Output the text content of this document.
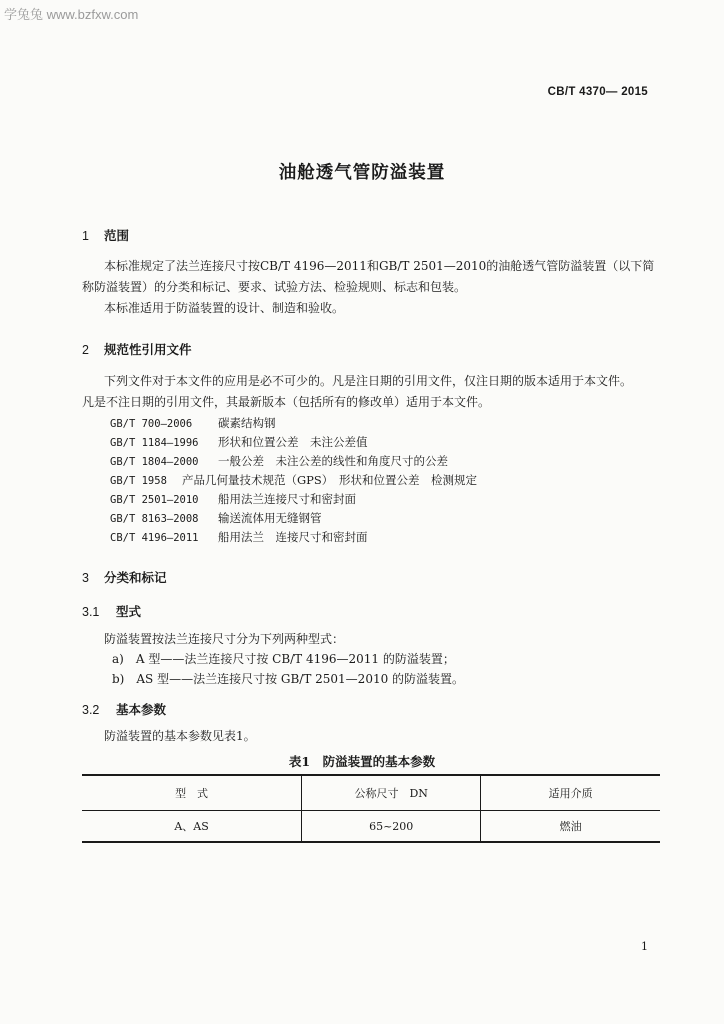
学兔兔 www.bzfxw.com
CB/T 4370— 2015
油舱透气管防溢装置
1 范围
本标准规定了法兰连接尺寸按CB/T 4196—2011和GB/T 2501—2010的油舱透气管防溢装置（以下简
称防溢装置）的分类和标记、要求、试验方法、检验规则、标志和包装。
本标准适用于防溢装置的设计、制造和验收。
2 规范性引用文件
下列文件对于本文件的应用是必不可少的。凡是注日期的引用文件，仅注日期的版本适用于本文件。
凡是不注日期的引用文件，其最新版本（包括所有的修改单）适用于本文件。
GB/T 700—2006 碳素结构钢
GB/T 1184—1996 形状和位置公差　未注公差值
GB/T 1804—2000 一般公差　未注公差的线性和角度尺寸的公差
GB/T 1958 产品几何量技术规范（GPS）　形状和位置公差　检测规定
GB/T 2501—2010 船用法兰连接尺寸和密封面
GB/T 8163—2008 输送流体用无缝钢管
CB/T 4196—2011 船用法兰　连接尺寸和密封面
3 分类和标记
3.1 型式
防溢装置按法兰连接尺寸分为下列两种型式：
a)　A 型——法兰连接尺寸按 CB/T 4196—2011 的防溢装置；
b)　AS 型——法兰连接尺寸按 GB/T 2501—2010 的防溢装置。
3.2 基本参数
防溢装置的基本参数见表1。
表1　防溢装置的基本参数
型　式	公称尺寸　DN	适用介质
A、AS	65~200	燃油
1
